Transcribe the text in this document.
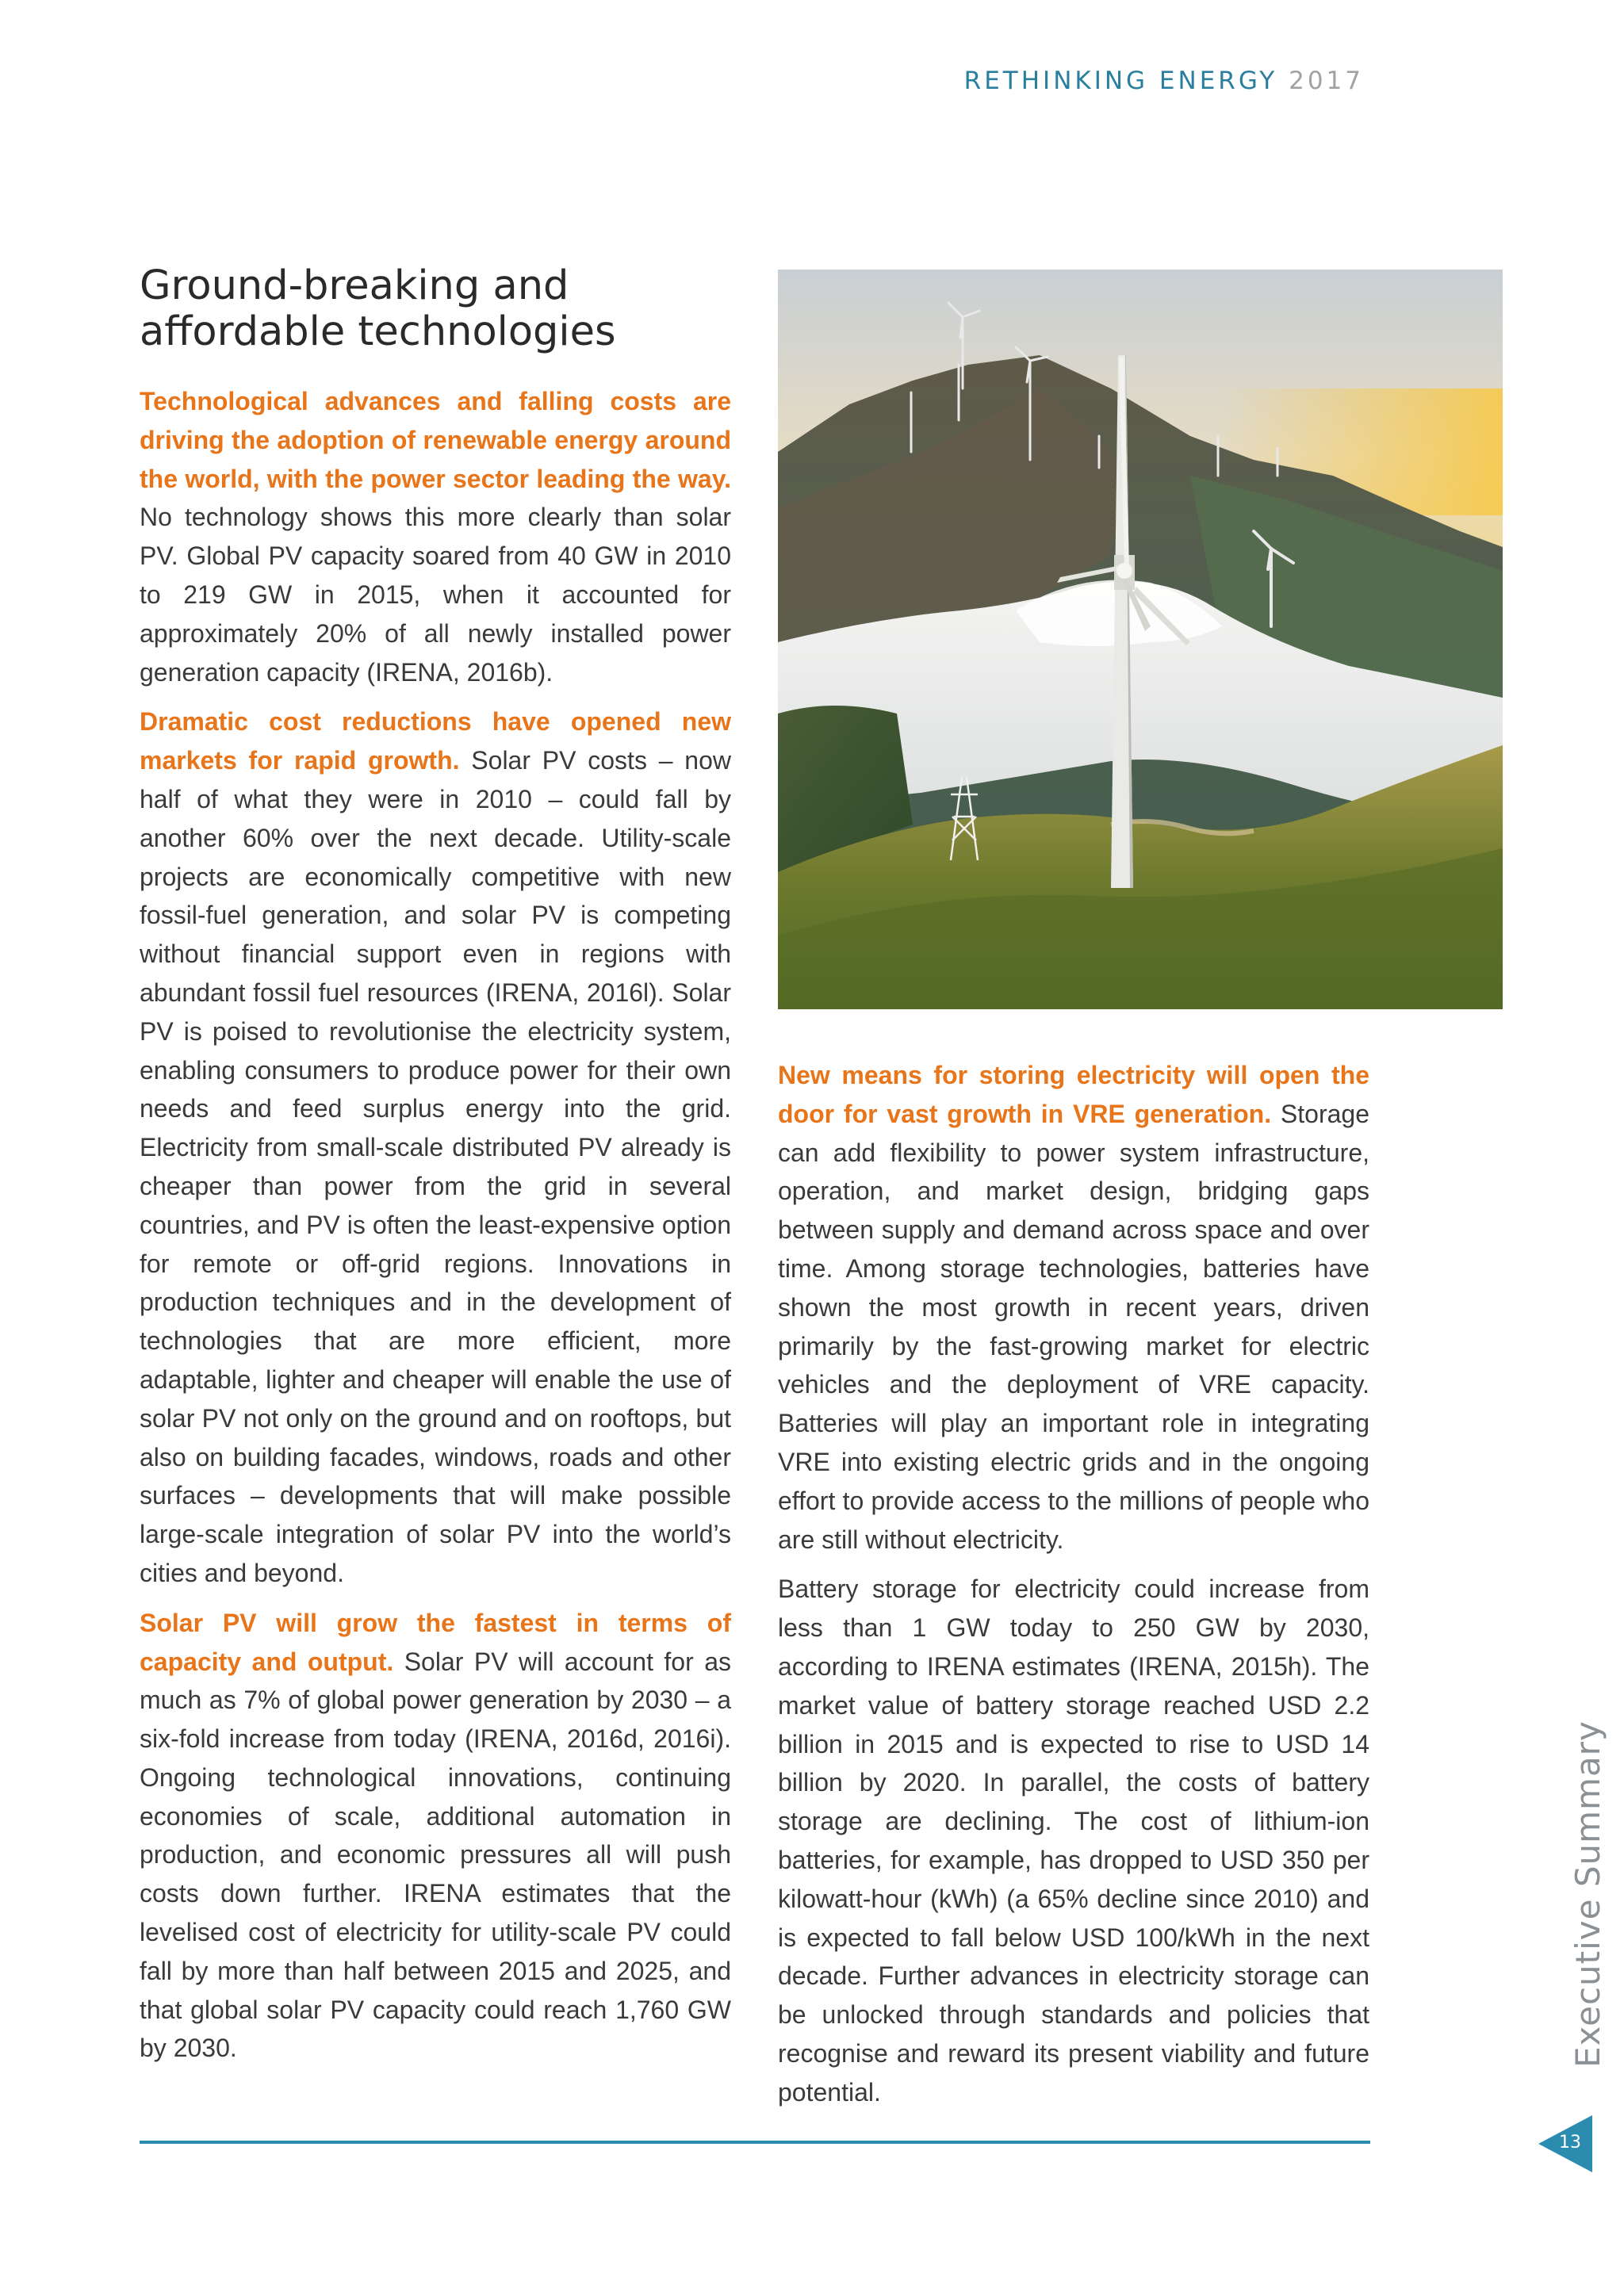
RETHINKING ENERGY 2017
Ground-breaking and
affordable technologies

Technological advances and falling costs are driving the adoption of renewable energy around the world, with the power sector leading the way. No technology shows this more clearly than solar PV. Global PV capacity soared from 40 GW in 2010 to 219 GW in 2015, when it accounted for approximately 20% of all newly installed power generation capacity (IRENA, 2016b).

Dramatic cost reductions have opened new markets for rapid growth. Solar PV costs – now half of what they were in 2010 – could fall by another 60% over the next decade. Utility-scale projects are economically competitive with new fossil-fuel generation, and solar PV is competing without financial support even in regions with abundant fossil fuel resources (IRENA, 2016l). Solar PV is poised to revolutionise the electricity system, enabling consumers to produce power for their own needs and feed surplus energy into the grid. Electricity from small-scale distributed PV already is cheaper than power from the grid in several countries, and PV is often the least-expensive option for remote or off-grid regions. Innovations in production techniques and in the development of technologies that are more efficient, more adaptable, lighter and cheaper will enable the use of solar PV not only on the ground and on rooftops, but also on building facades, windows, roads and other surfaces – developments that will make possible large-scale integration of solar PV into the world’s cities and beyond.

Solar PV will grow the fastest in terms of capacity and output. Solar PV will account for as much as 7% of global power generation by 2030 – a six-fold increase from today (IRENA, 2016d, 2016i). Ongoing technological innovations, continuing economies of scale, additional automation in production, and economic pressures all will push costs down further. IRENA estimates that the levelised cost of electricity for utility-scale PV could fall by more than half between 2015 and 2025, and that global solar PV capacity could reach 1,760 GW by 2030.

New means for storing electricity will open the door for vast growth in VRE generation. Storage can add flexibility to power system infrastructure, operation, and market design, bridging gaps between supply and demand across space and over time. Among storage technologies, batteries have shown the most growth in recent years, driven primarily by the fast-growing market for electric vehicles and the deployment of VRE capacity. Batteries will play an important role in integrating VRE into existing electric grids and in the ongoing effort to provide access to the millions of people who are still without electricity.

Battery storage for electricity could increase from less than 1 GW today to 250 GW by 2030, according to IRENA estimates (IRENA, 2015h). The market value of battery storage reached USD 2.2 billion in 2015 and is expected to rise to USD 14 billion by 2020. In parallel, the costs of battery storage are declining. The cost of lithium-ion batteries, for example, has dropped to USD 350 per kilowatt-hour (kWh) (a 65% decline since 2010) and is expected to fall below USD 100/kWh in the next decade. Further advances in electricity storage can be unlocked through standards and policies that recognise and reward its present viability and future potential.

Executive Summary
13
